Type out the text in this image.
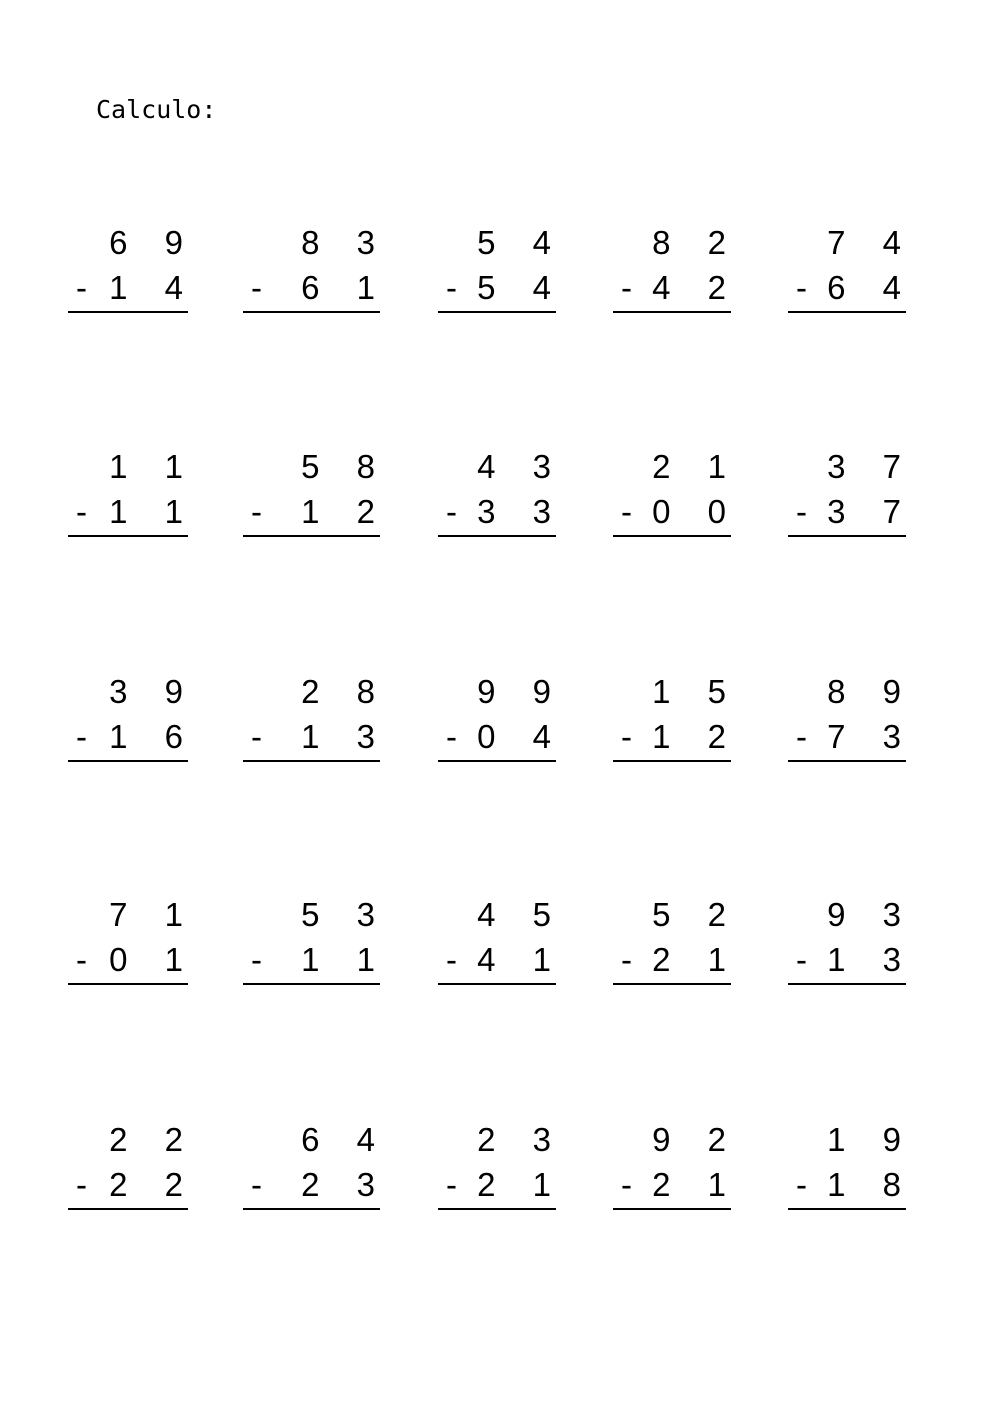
Calculo:
6 9
- 1 4
8 3
- 6 1
5 4
- 5 4
8 2
- 4 2
7 4
- 6 4
1 1
- 1 1
5 8
- 1 2
4 3
- 3 3
2 1
- 0 0
3 7
- 3 7
3 9
- 1 6
2 8
- 1 3
9 9
- 0 4
1 5
- 1 2
8 9
- 7 3
7 1
- 0 1
5 3
- 1 1
4 5
- 4 1
5 2
- 2 1
9 3
- 1 3
2 2
- 2 2
6 4
- 2 3
2 3
- 2 1
9 2
- 2 1
1 9
- 1 8
